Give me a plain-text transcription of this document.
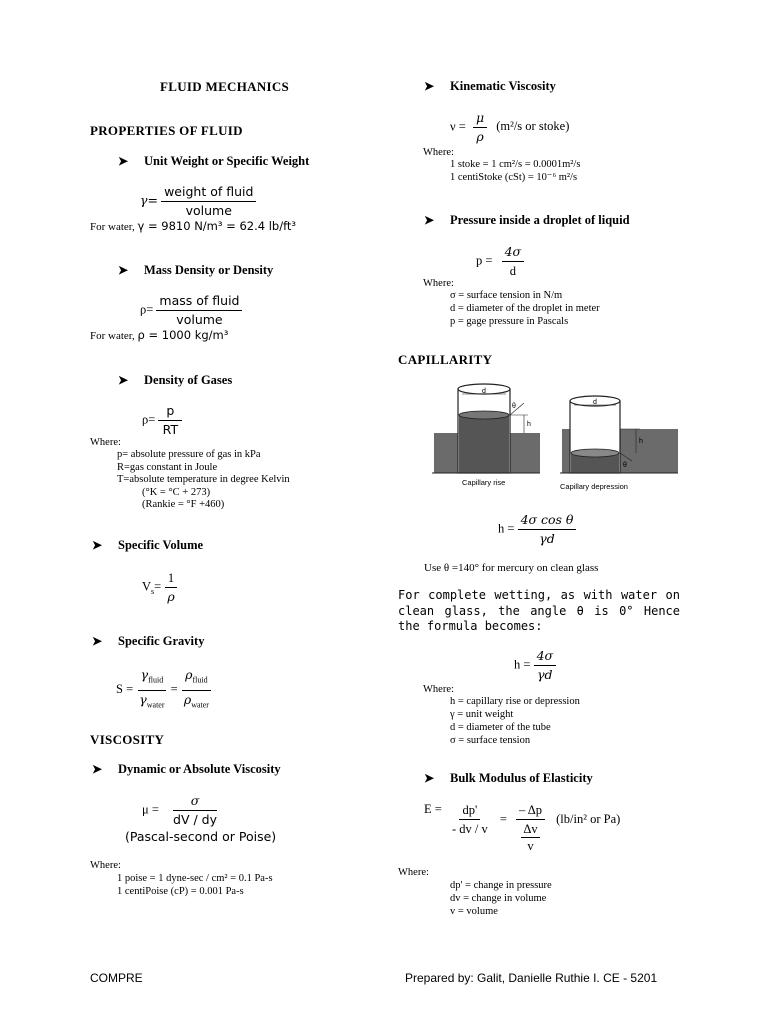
FLUID MECHANICS
PROPERTIES OF FLUID
➤ Unit Weight or Specific Weight
$\gamma= \frac{\text{weight of fluid}}{\text{volume}}$
For water, γ = 9810 N/m³ = 62.4 lb/ft³
➤ Mass Density or Density
$\rho= \frac{\text{mass of fluid}}{\text{volume}}$
For water, ρ = 1000 kg/m³
➤ Density of Gases
$\rho= \frac{p}{RT}$
Where:
p= absolute pressure of gas in kPa
R=gas constant in Joule
T=absolute temperature in degree Kelvin
(°K = °C + 273)
(Rankie = °F +460)
➤ Specific Volume
$V_s= \frac{1}{\rho}$
➤ Specific Gravity
$S = \frac{\gamma_{fluid}}{\gamma_{water}} = \frac{\rho_{fluid}}{\rho_{water}}$
VISCOSITY
➤ Dynamic or Absolute Viscosity
$\mu = \frac{\sigma}{dV / dy}$
(Pascal-second or Poise)
Where:
1 poise = 1 dyne-sec / cm² = 0.1 Pa-s
1 centiPoise (cP) = 0.001 Pa-s
➤ Kinematic Viscosity
$\nu = \frac{\mu}{\rho} (m^2/s$ or stoke)
Where:
1 stoke = 1 cm²/s = 0.0001m²/s
1 centiStoke (cSt) = 10⁻⁶ m²/s
➤ Pressure inside a droplet of liquid
$p = \frac{4\sigma}{d}$
Where:
σ = surface tension in N/m
d = diameter of the droplet in meter
p = gage pressure in Pascals
CAPILLARITY
d
h
θ
d
h
θ
Capillary rise	Capillary depression
$h = \frac{\text{4σ cos θ}}{\gamma d}$
Use θ =140° for mercury on clean glass
For complete wetting, as with water on clean glass, the angle θ is 0° Hence the formula becomes:
$h = \frac{4\sigma}{\gamma d}$
Where:
h = capillary rise or depression
γ = unit weight
d = diameter of the tube
σ = surface tension
➤ Bulk Modulus of Elasticity
$E = \frac{dp'}{- dv / v} = \frac{- \Delta p}{\frac{\Delta v}{v}} (lb/in^2$ or Pa)
Where:
dp' = change in pressure
dv = change in volume
v = volume
COMPRE	Prepared by: Galit, Danielle Ruthie I. CE - 5201
